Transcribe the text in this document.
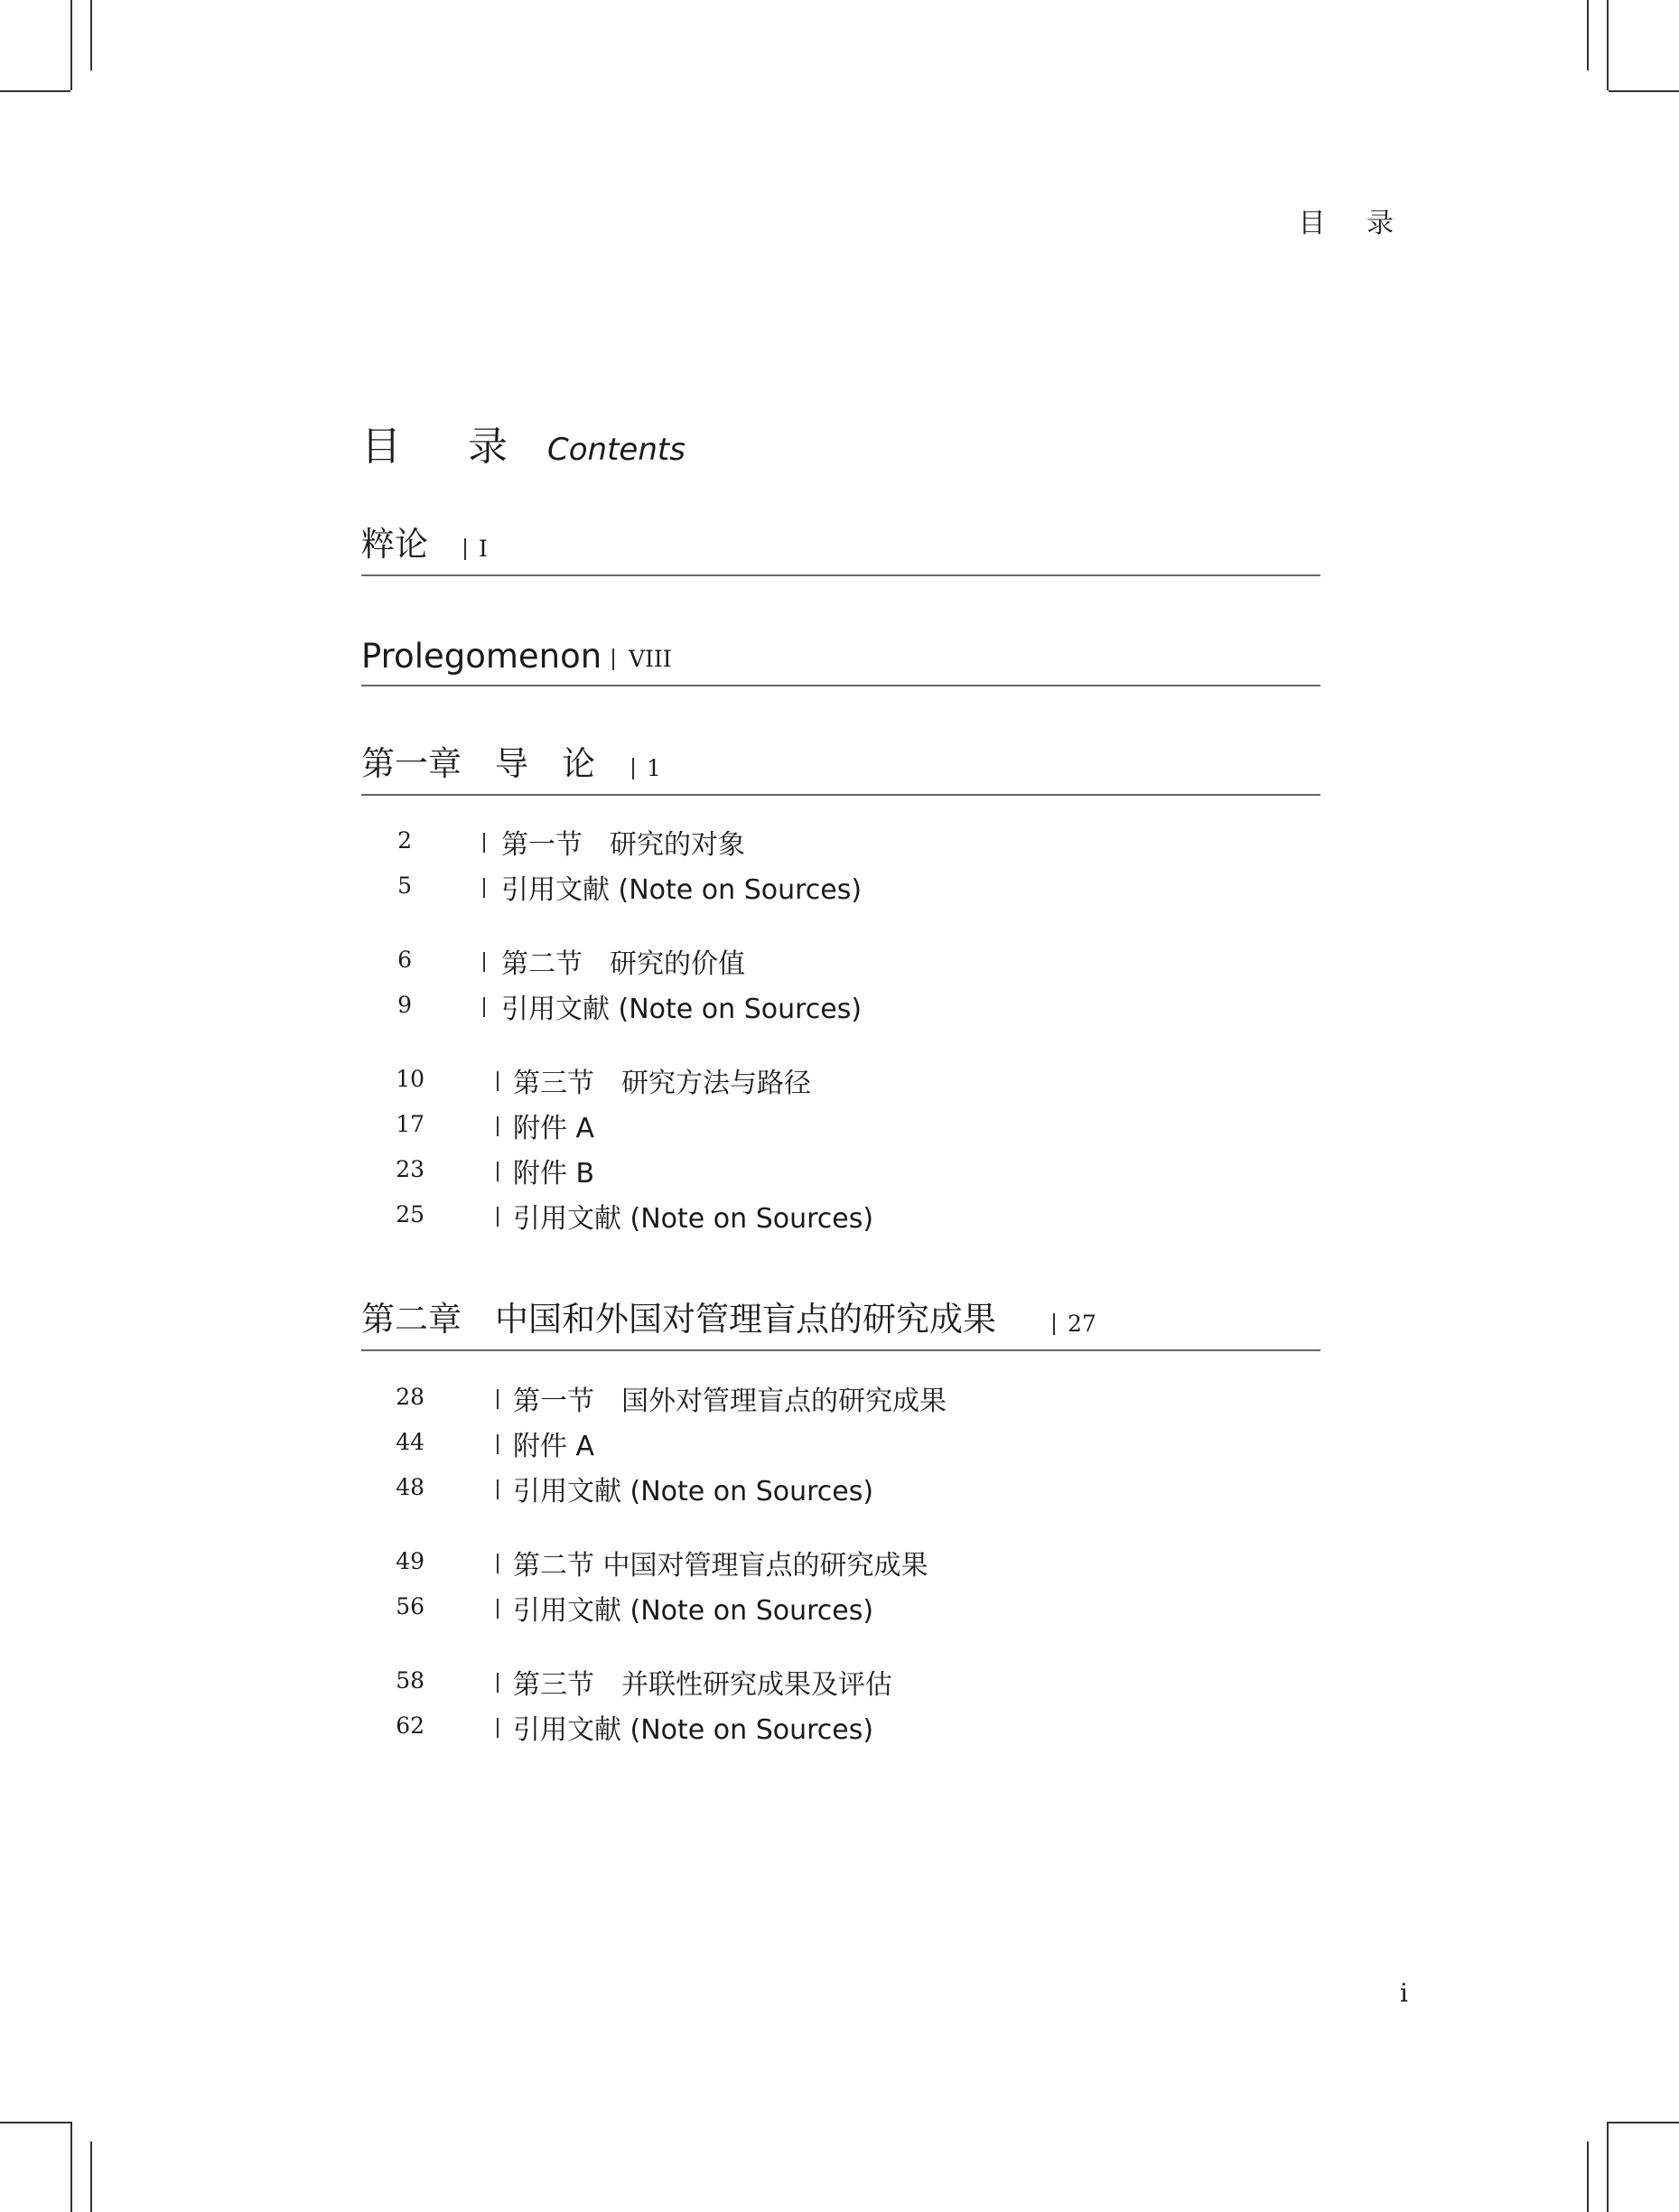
目 录
目 录 Contents
粹论 I
Prolegomenon VIII
第一章　导　论 1
2	第一节　研究的对象
5	引用文献 (Note on Sources)
6	第二节　研究的价值
9	引用文献 (Note on Sources)
10	第三节　研究方法与路径
17	附件 A
23	附件 B
25	引用文献 (Note on Sources)
第二章　中国和外国对管理盲点的研究成果	27
28	第一节　国外对管理盲点的研究成果
44	附件 A
48	引用文献 (Note on Sources)
49	第二节 中国对管理盲点的研究成果
56	引用文献 (Note on Sources)
58	第三节　并联性研究成果及评估
62	引用文献 (Note on Sources)
i
